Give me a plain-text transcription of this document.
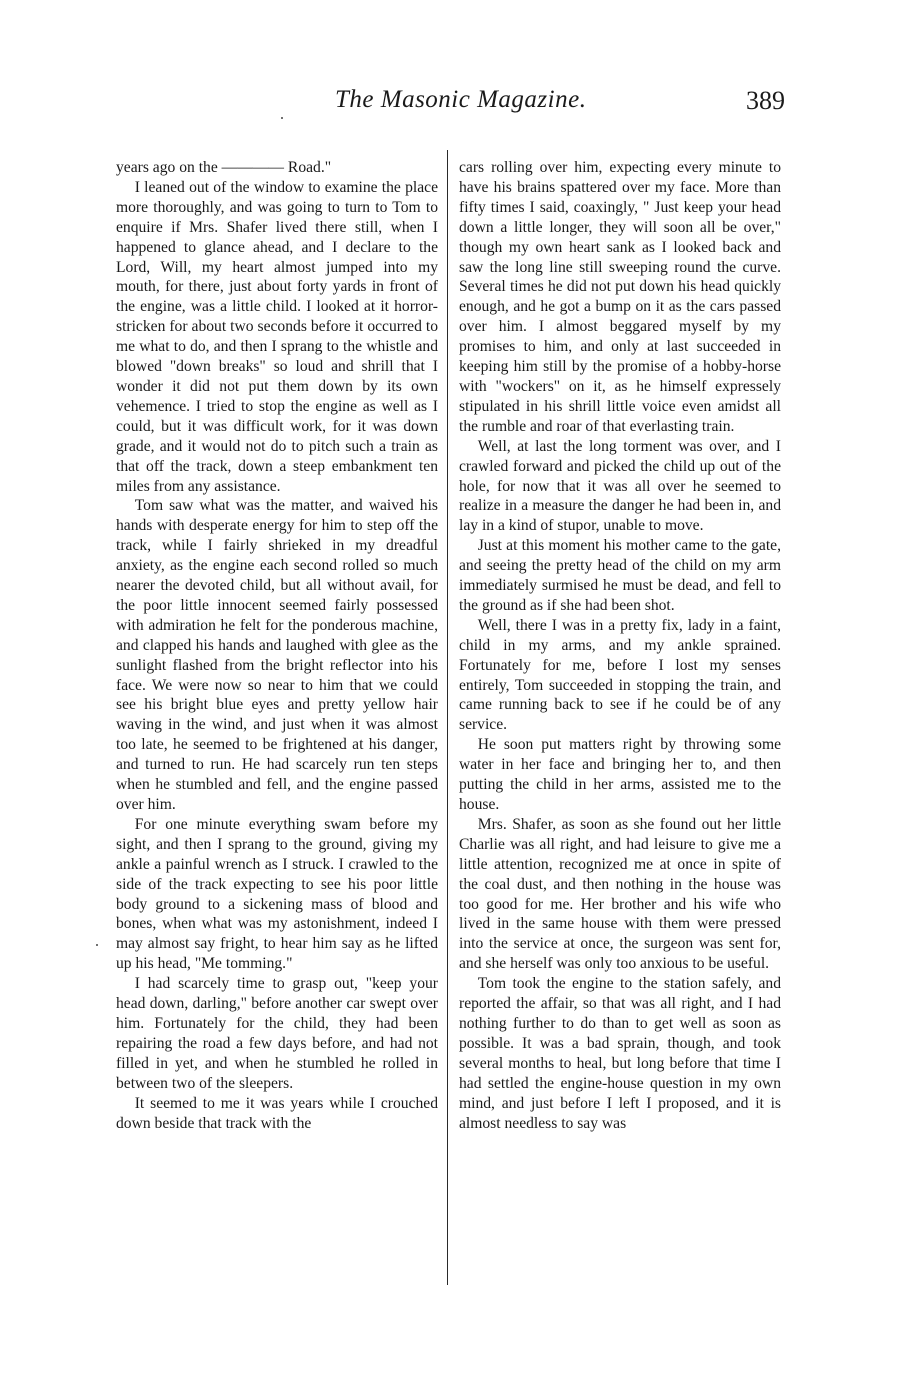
The Masonic Magazine.	389

years ago on the ———— Road."

I leaned out of the window to examine the place more thoroughly, and was going to turn to Tom to enquire if Mrs. Shafer lived there still, when I happened to glance ahead, and I declare to the Lord, Will, my heart almost jumped into my mouth, for there, just about forty yards in front of the engine, was a little child. I looked at it horror-stricken for about two seconds before it occurred to me what to do, and then I sprang to the whistle and blowed "down breaks" so loud and shrill that I wonder it did not put them down by its own vehemence. I tried to stop the engine as well as I could, but it was difficult work, for it was down grade, and it would not do to pitch such a train as that off the track, down a steep embankment ten miles from any assistance.

Tom saw what was the matter, and waived his hands with desperate energy for him to step off the track, while I fairly shrieked in my dreadful anxiety, as the engine each second rolled so much nearer the devoted child, but all without avail, for the poor little innocent seemed fairly possessed with admiration he felt for the ponderous machine, and clapped his hands and laughed with glee as the sunlight flashed from the bright reflector into his face. We were now so near to him that we could see his bright blue eyes and pretty yellow hair waving in the wind, and just when it was almost too late, he seemed to be frightened at his danger, and turned to run. He had scarcely run ten steps when he stumbled and fell, and the engine passed over him.

For one minute everything swam before my sight, and then I sprang to the ground, giving my ankle a painful wrench as I struck. I crawled to the side of the track expecting to see his poor little body ground to a sickening mass of blood and bones, when what was my astonishment, indeed I may almost say fright, to hear him say as he lifted up his head, "Me tomming."

I had scarcely time to grasp out, "keep your head down, darling," before another car swept over him. Fortunately for the child, they had been repairing the road a few days before, and had not filled in yet, and when he stumbled he rolled in between two of the sleepers.

It seemed to me it was years while I crouched down beside that track with the

cars rolling over him, expecting every minute to have his brains spattered over my face. More than fifty times I said, coaxingly, " Just keep your head down a little longer, they will soon all be over," though my own heart sank as I looked back and saw the long line still sweeping round the curve. Several times he did not put down his head quickly enough, and he got a bump on it as the cars passed over him. I almost beggared myself by my promises to him, and only at last succeeded in keeping him still by the promise of a hobby-horse with "wockers" on it, as he himself expressely stipulated in his shrill little voice even amidst all the rumble and roar of that everlasting train.

Well, at last the long torment was over, and I crawled forward and picked the child up out of the hole, for now that it was all over he seemed to realize in a measure the danger he had been in, and lay in a kind of stupor, unable to move.

Just at this moment his mother came to the gate, and seeing the pretty head of the child on my arm immediately surmised he must be dead, and fell to the ground as if she had been shot.

Well, there I was in a pretty fix, lady in a faint, child in my arms, and my ankle sprained. Fortunately for me, before I lost my senses entirely, Tom succeeded in stopping the train, and came running back to see if he could be of any service.

He soon put matters right by throwing some water in her face and bringing her to, and then putting the child in her arms, assisted me to the house.

Mrs. Shafer, as soon as she found out her little Charlie was all right, and had leisure to give me a little attention, recognized me at once in spite of the coal dust, and then nothing in the house was too good for me. Her brother and his wife who lived in the same house with them were pressed into the service at once, the surgeon was sent for, and she herself was only too anxious to be useful.

Tom took the engine to the station safely, and reported the affair, so that was all right, and I had nothing further to do than to get well as soon as possible. It was a bad sprain, though, and took several months to heal, but long before that time I had settled the engine-house question in my own mind, and just before I left I proposed, and it is almost needless to say was
